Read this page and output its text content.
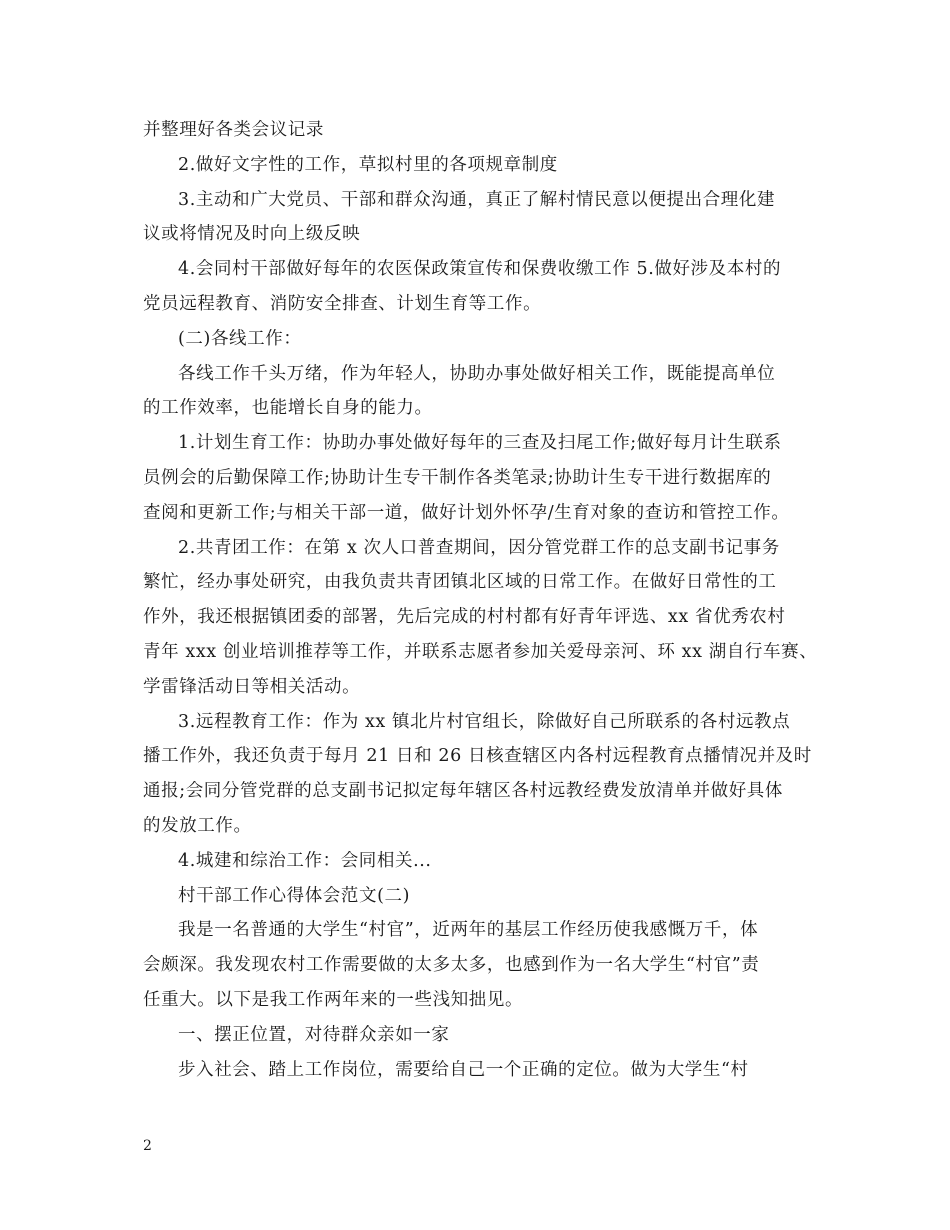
并整理好各类会议记录
2.做好文字性的工作，草拟村里的各项规章制度
3.主动和广大党员、干部和群众沟通，真正了解村情民意以便提出合理化建
议或将情况及时向上级反映
4.会同村干部做好每年的农医保政策宣传和保费收缴工作 5.做好涉及本村的
党员远程教育、消防安全排查、计划生育等工作。
(二)各线工作：
各线工作千头万绪，作为年轻人，协助办事处做好相关工作，既能提高单位
的工作效率，也能增长自身的能力。
1.计划生育工作：协助办事处做好每年的三查及扫尾工作;做好每月计生联系
员例会的后勤保障工作;协助计生专干制作各类笔录;协助计生专干进行数据库的
查阅和更新工作;与相关干部一道，做好计划外怀孕/生育对象的查访和管控工作。
2.共青团工作：在第 x 次人口普查期间，因分管党群工作的总支副书记事务
繁忙，经办事处研究，由我负责共青团镇北区域的日常工作。在做好日常性的工
作外，我还根据镇团委的部署，先后完成的村村都有好青年评选、xx 省优秀农村
青年 xxx 创业培训推荐等工作，并联系志愿者参加关爱母亲河、环 xx 湖自行车赛、
学雷锋活动日等相关活动。
3.远程教育工作：作为 xx 镇北片村官组长，除做好自己所联系的各村远教点
播工作外，我还负责于每月 21 日和 26 日核查辖区内各村远程教育点播情况并及时
通报;会同分管党群的总支副书记拟定每年辖区各村远教经费发放清单并做好具体
的发放工作。
4.城建和综治工作：会同相关...
村干部工作心得体会范文(二)
我是一名普通的大学生“村官”，近两年的基层工作经历使我感慨万千，体
会颇深。我发现农村工作需要做的太多太多，也感到作为一名大学生“村官”责
任重大。以下是我工作两年来的一些浅知拙见。
一、摆正位置，对待群众亲如一家
步入社会、踏上工作岗位，需要给自己一个正确的定位。做为大学生“村
2
